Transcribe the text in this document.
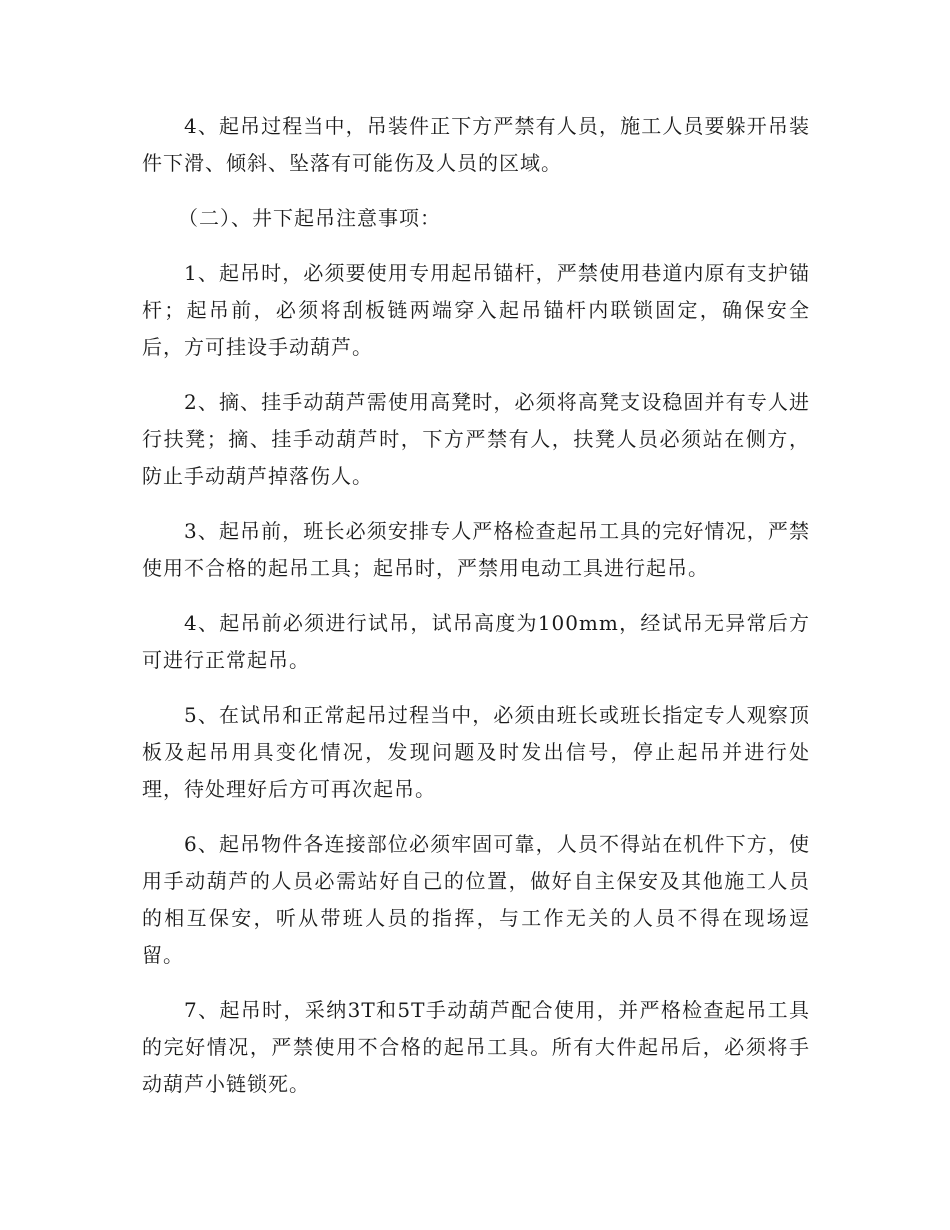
4、起吊过程当中，吊装件正下方严禁有人员，施工人员要躲开吊装件下滑、倾斜、坠落有可能伤及人员的区域。

（二）、井下起吊注意事项：

1、起吊时，必须要使用专用起吊锚杆，严禁使用巷道内原有支护锚杆；起吊前，必须将刮板链两端穿入起吊锚杆内联锁固定，确保安全后，方可挂设手动葫芦。

2、摘、挂手动葫芦需使用高凳时，必须将高凳支设稳固并有专人进行扶凳；摘、挂手动葫芦时，下方严禁有人，扶凳人员必须站在侧方，防止手动葫芦掉落伤人。

3、起吊前，班长必须安排专人严格检查起吊工具的完好情况，严禁使用不合格的起吊工具；起吊时，严禁用电动工具进行起吊。

4、起吊前必须进行试吊，试吊高度为100mm，经试吊无异常后方可进行正常起吊。

5、在试吊和正常起吊过程当中，必须由班长或班长指定专人观察顶板及起吊用具变化情况，发现问题及时发出信号，停止起吊并进行处理，待处理好后方可再次起吊。

6、起吊物件各连接部位必须牢固可靠，人员不得站在机件下方，使用手动葫芦的人员必需站好自己的位置，做好自主保安及其他施工人员的相互保安，听从带班人员的指挥，与工作无关的人员不得在现场逗留。

7、起吊时，采纳3T和5T手动葫芦配合使用，并严格检查起吊工具的完好情况，严禁使用不合格的起吊工具。所有大件起吊后，必须将手动葫芦小链锁死。
